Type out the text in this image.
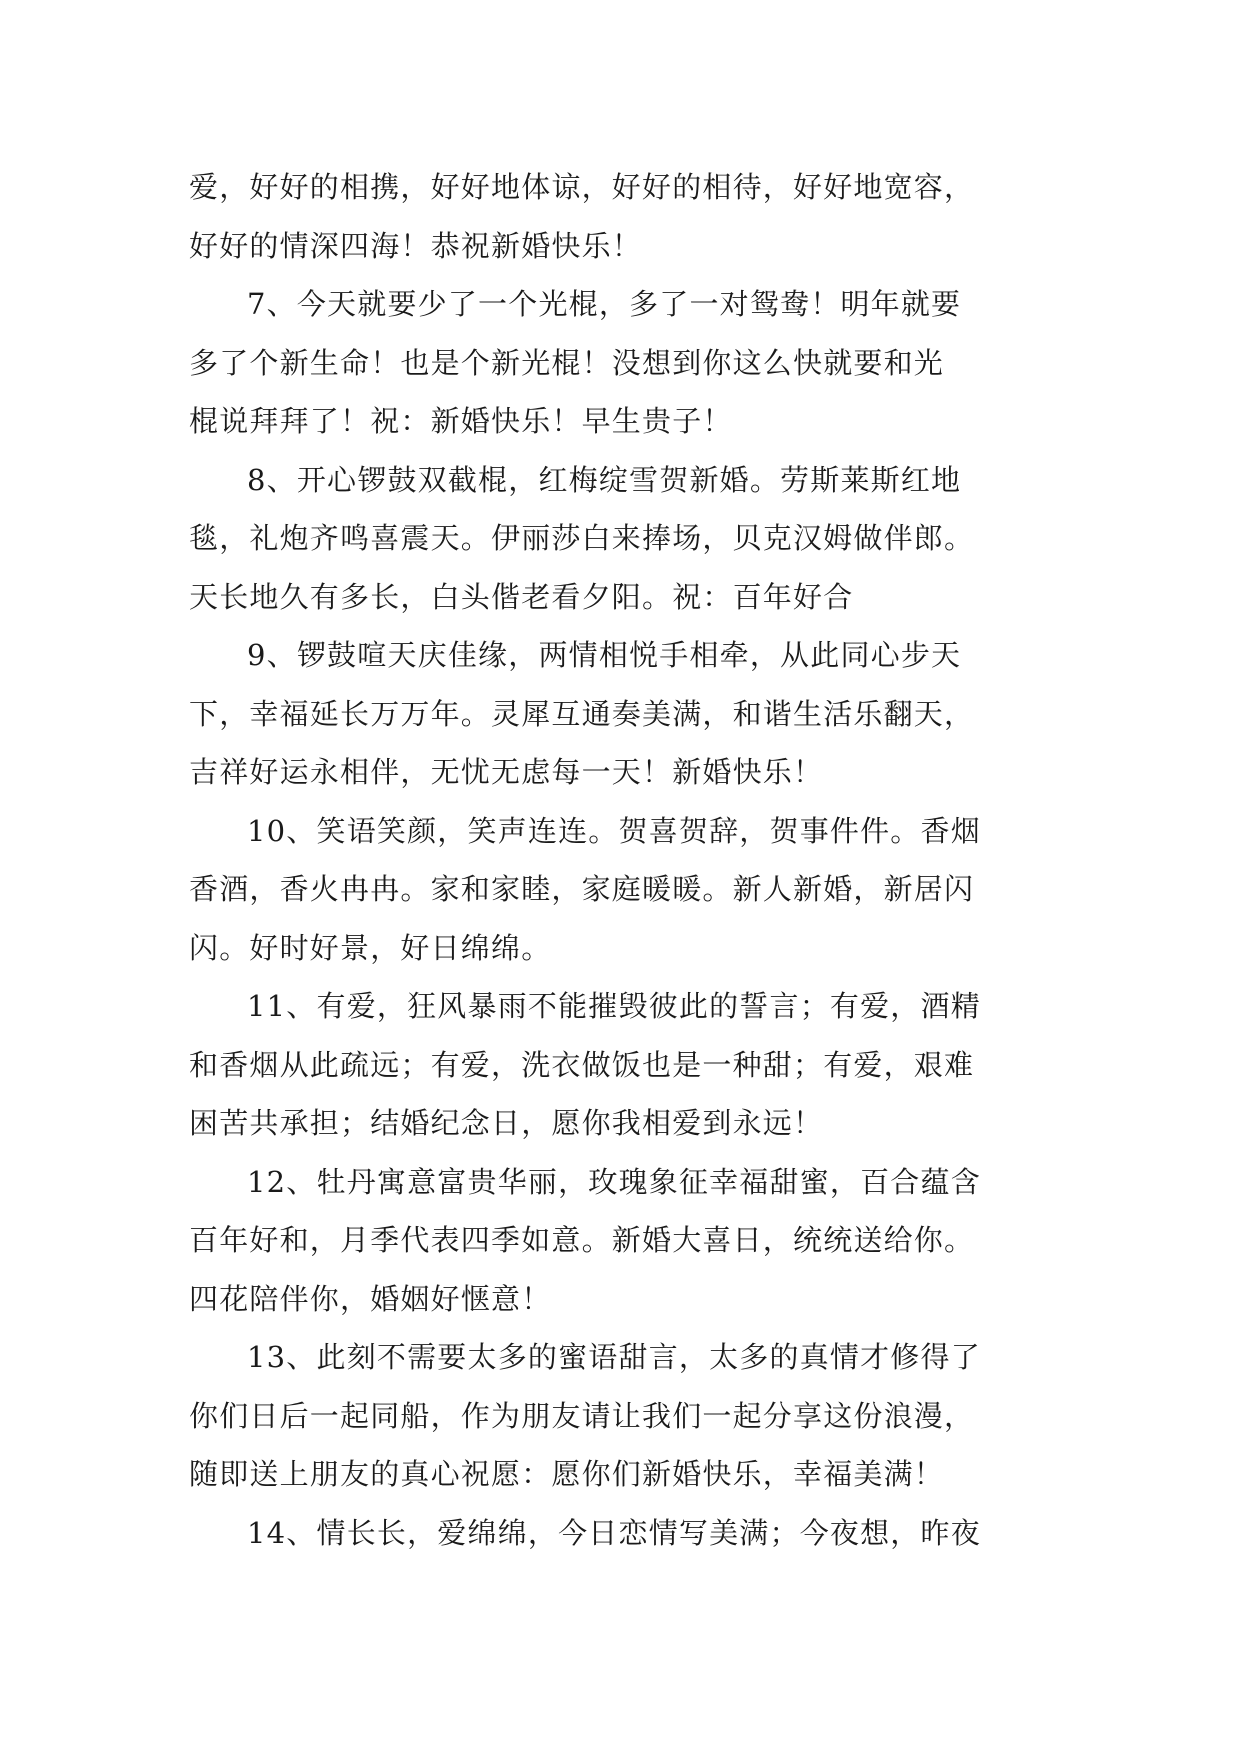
爱，好好的相携，好好地体谅，好好的相待，好好地宽容，
好好的情深四海！恭祝新婚快乐！
7、今天就要少了一个光棍，多了一对鸳鸯！明年就要
多了个新生命！也是个新光棍！没想到你这么快就要和光
棍说拜拜了！祝：新婚快乐！早生贵子！
8、开心锣鼓双截棍，红梅绽雪贺新婚。劳斯莱斯红地
毯，礼炮齐鸣喜震天。伊丽莎白来捧场，贝克汉姆做伴郎。
天长地久有多长，白头偕老看夕阳。祝：百年好合
9、锣鼓喧天庆佳缘，两情相悦手相牵，从此同心步天
下，幸福延长万万年。灵犀互通奏美满，和谐生活乐翻天，
吉祥好运永相伴，无忧无虑每一天！新婚快乐！
10、笑语笑颜，笑声连连。贺喜贺辞，贺事件件。香烟
香酒，香火冉冉。家和家睦，家庭暖暖。新人新婚，新居闪
闪。好时好景，好日绵绵。
11、有爱，狂风暴雨不能摧毁彼此的誓言；有爱，酒精
和香烟从此疏远；有爱，洗衣做饭也是一种甜；有爱，艰难
困苦共承担；结婚纪念日，愿你我相爱到永远！
12、牡丹寓意富贵华丽，玫瑰象征幸福甜蜜，百合蕴含
百年好和，月季代表四季如意。新婚大喜日，统统送给你。
四花陪伴你，婚姻好惬意！
13、此刻不需要太多的蜜语甜言，太多的真情才修得了
你们日后一起同船，作为朋友请让我们一起分享这份浪漫，
随即送上朋友的真心祝愿：愿你们新婚快乐，幸福美满！
14、情长长，爱绵绵，今日恋情写美满；今夜想，昨夜
